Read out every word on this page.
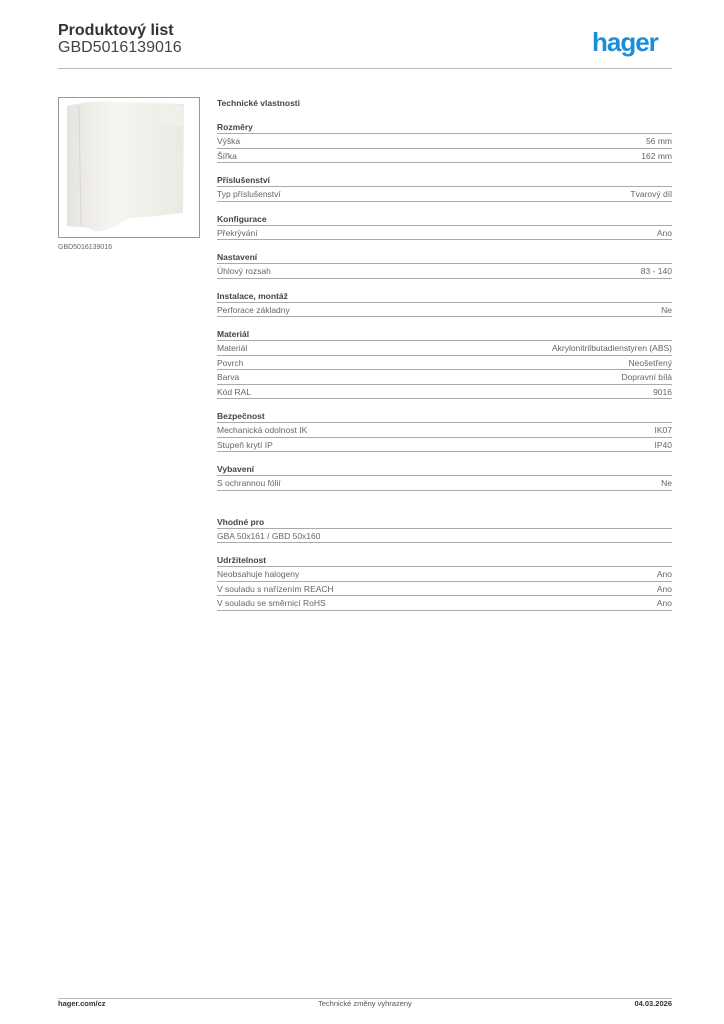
Produktový list
GBD5016139016	hager
GBD5016139016
Technické vlastnosti
Rozměry
Výška	56 mm
Šířka	162 mm
Příslušenství
Typ příslušenství	Tvarový díl
Konfigurace
Překrývání	Ano
Nastavení
Úhlový rozsah	83 - 140
Instalace, montáž
Perforace základny	Ne
Materiál
Materiál	Akrylonitrilbutadienstyren (ABS)
Povrch	Neošetřený
Barva	Dopravní bílá
Kód RAL	9016
Bezpečnost
Mechanická odolnost IK	IK07
Stupeň krytí IP	IP40
Vybavení
S ochrannou fólií	Ne
Vhodné pro
GBA 50x161 / GBD 50x160
Udržitelnost
Neobsahuje halogeny	Ano
V souladu s nařízením REACH	Ano
V souladu se směrnicí RoHS	Ano
hager.com/cz	Technické změny vyhrazeny	04.03.2026
